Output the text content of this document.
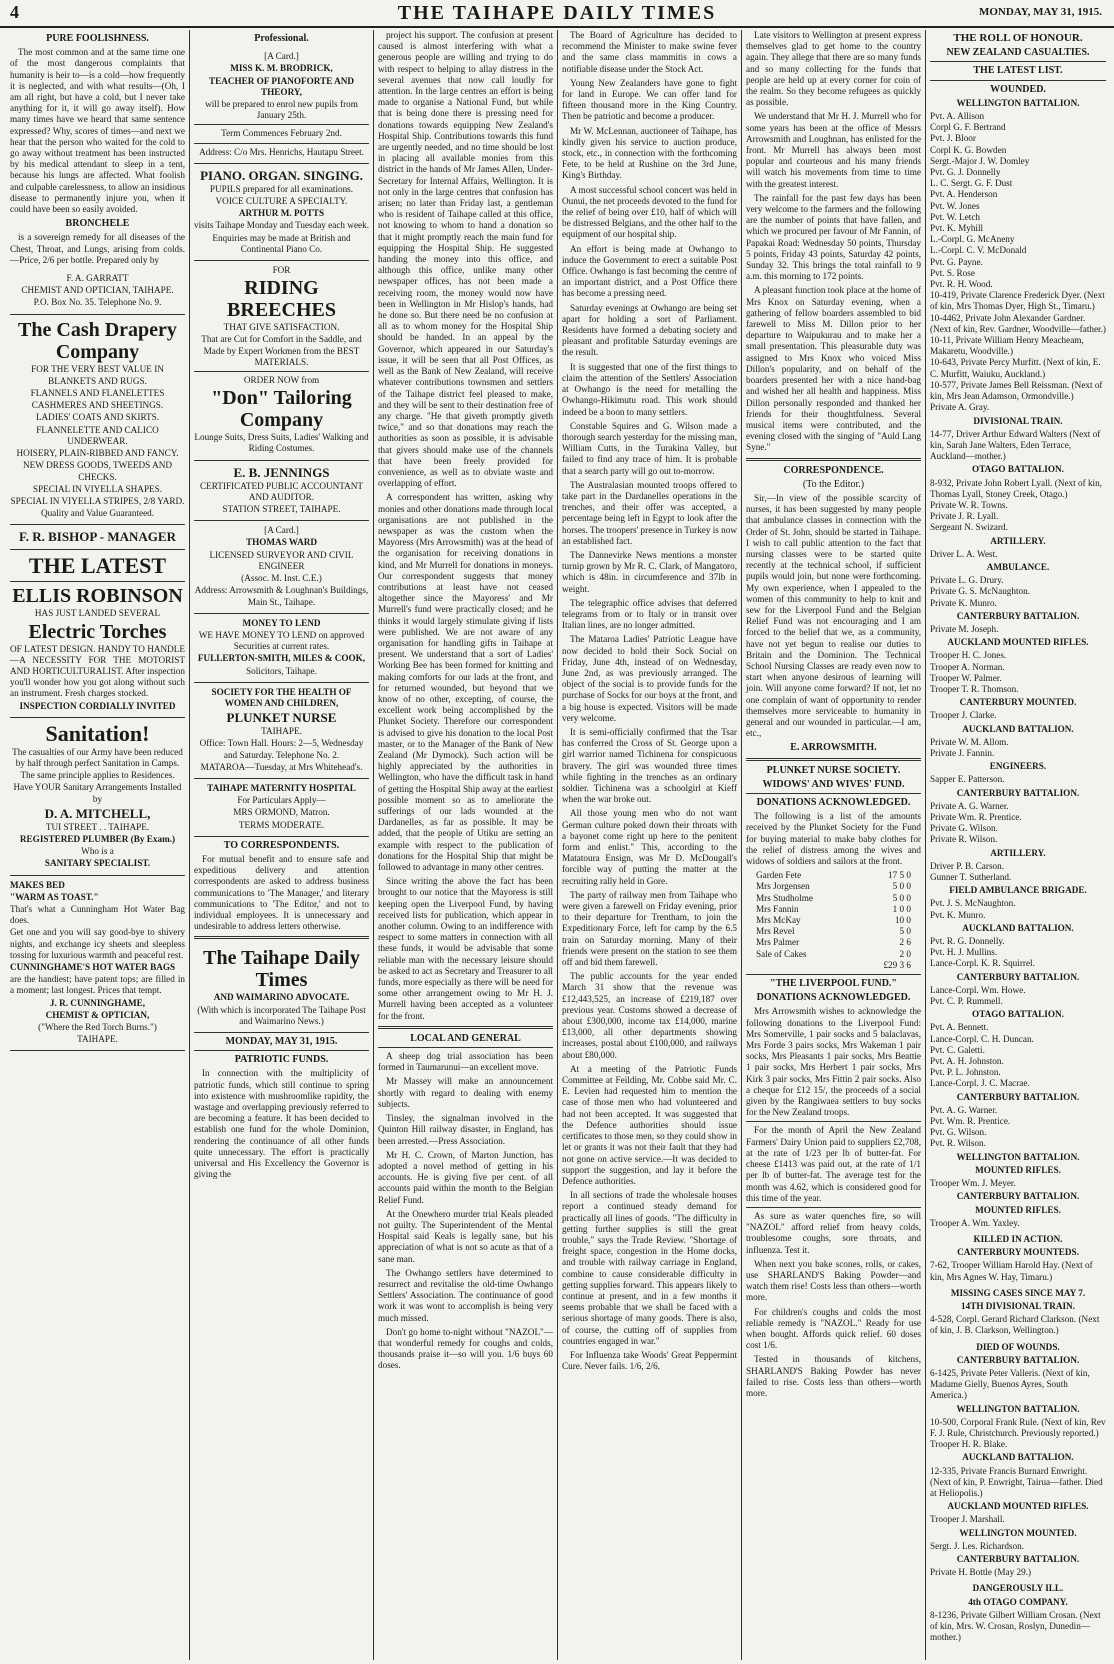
4	THE TAIHAPE DAILY TIMES	MONDAY, MAY 31, 1915.
PURE FOOLISHNESS.

The most common and at the same time one of the most dangerous complaints that humanity is heir to—is a cold—how frequently it is neglected, and with what results—(Oh, I am all right, but have a cold, but I never take anything for it, it will go away itself). How many times have we heard that same sentence expressed? Why, scores of times—and next we hear that the person who waited for the cold to go away without treatment has been instructed by his medical attendant to sleep in a tent, because his lungs are affected. What foolish and culpable carelessness, to allow an insidious disease to permanently injure you, when it could have been so easily avoided.

BRONCHELE

is a sovereign remedy for all diseases of the Chest, Throat, and Lungs, arising from colds.—Price, 2/6 per bottle. Prepared only by

F. A. GARRATT

CHEMIST AND OPTICIAN, TAIHAPE.

P.O. Box No. 35. Telephone No. 9.

The Cash Drapery Company

FOR THE VERY BEST VALUE IN

BLANKETS AND RUGS.

FLANNELS AND FLANELETTES

CASHMERES AND SHEETINGS.

LADIES' COATS AND SKIRTS.

FLANNELETTE AND CALICO UNDERWEAR.

HOISERY, PLAIN-RIBBED AND FANCY.

NEW DRESS GOODS, TWEEDS AND CHECKS.

SPECIAL IN VIYELLA SHAPES.

SPECIAL IN VIYELLA STRIPES, 2/8 YARD.

Quality and Value Guaranteed.

F. R. BISHOP - MANAGER

THE LATEST

ELLIS ROBINSON

HAS JUST LANDED SEVERAL

Electric Torches

OF LATEST DESIGN. HANDY TO HANDLE—A NECESSITY FOR THE MOTORIST AND HORTICULTURALIST. After inspection you'll wonder how you got along without such an instrument. Fresh charges stocked.

INSPECTION CORDIALLY INVITED

Sanitation!

The casualties of our Army have been reduced by half through perfect Sanitation in Camps.

The same principle applies to Residences.

Have YOUR Sanitary Arrangements Installed by

D. A. MITCHELL,

TUI STREET . . TAIHAPE.

REGISTERED PLUMBER (By Exam.)

Who is a

SANITARY SPECIALIST.

MAKES BED

"WARM AS TOAST."

That's what a Cunningham Hot Water Bag does.

Get one and you will say good-bye to shivery nights, and exchange icy sheets and sleepless tossing for luxurious warmth and peaceful rest.

CUNNINGHAME'S HOT WATER BAGS

are the handiest; have patent tops; are filled in a moment; last longest. Prices that tempt.

J. R. CUNNINGHAME,

CHEMIST & OPTICIAN,

("Where the Red Torch Burns.")

TAIHAPE.

Professional.

[A Card.]

MISS K. M. BRODRICK,

TEACHER OF PIANOFORTE AND THEORY,

will be prepared to enrol new pupils from January 25th.

Term Commences February 2nd.

Address: C/o Mrs. Henrichs, Hautapu Street.

PIANO. ORGAN. SINGING.

PUPILS prepared for all examinations.

VOICE CULTURE A SPECIALTY.

ARTHUR M. POTTS

visits Taihape Monday and Tuesday each week.

Enquiries may be made at British and Continental Piano Co.

FOR

RIDING BREECHES

THAT GIVE SATISFACTION.

That are Cut for Comfort in the Saddle, and Made by Expert Workmen from the BEST MATERIALS.

ORDER NOW from

"Don" Tailoring Company

Lounge Suits, Dress Suits, Ladies' Walking and Riding Costumes.

E. B. JENNINGS

CERTIFICATED PUBLIC ACCOUNTANT AND AUDITOR.

STATION STREET, TAIHAPE.

[A Card.]

THOMAS WARD

LICENSED SURVEYOR AND CIVIL ENGINEER

(Assoc. M. Inst. C.E.)

Address: Arrowsmith & Loughnan's Buildings, Main St., Taihape.

MONEY TO LEND

WE HAVE MONEY TO LEND on approved Securities at current rates.

FULLERTON-SMITH, MILES & COOK,

Solicitors, Taihape.

SOCIETY FOR THE HEALTH OF WOMEN AND CHILDREN,

PLUNKET NURSE

TAIHAPE.

Office: Town Hall. Hours: 2—5, Wednesday and Saturday. Telephone No. 2.

MATAROA—Tuesday, at Mrs Whitehead's.

TAIHAPE MATERNITY HOSPITAL

For Particulars Apply—

MRS ORMOND, Matron.

TERMS MODERATE.

TO CORRESPONDENTS.

For mutual benefit and to ensure safe and expeditious delivery and attention correspondents are asked to address business communications to 'The Manager,' and literary communications to 'The Editor,' and not to individual employees. It is unnecessary and undesirable to address letters otherwise.

The Taihape Daily Times

AND WAIMARINO ADVOCATE.

(With which is incorporated The Taihape Post and Waimarino News.)

MONDAY, MAY 31, 1915.
PATRIOTIC FUNDS.

In connection with the multiplicity of patriotic funds, which still continue to spring into existence with mushroomlike rapidity, the wastage and overlapping previously referred to are becoming a feature. It has been decided to establish one fund for the whole Dominion, rendering the continuance of all other funds quite unnecessary. The effort is practically universal and His Excellency the Governor is giving the

project his support. The confusion at present caused is almost interfering with what a generous people are willing and trying to do with respect to helping to allay distress in the several avenues that now call loudly for attention. In the large centres an effort is being made to organise a National Fund, but while that is being done there is pressing need for donations towards equipping New Zealand's Hospital Ship. Contributions towards this fund are urgently needed, and no time should be lost in placing all available monies from this district in the hands of Mr James Allen, Under-Secretary for Internal Affairs, Wellington. It is not only in the large centres that confusion has arisen; no later than Friday last, a gentleman who is resident of Taihape called at this office, not knowing to whom to hand a donation so that it might promptly reach the main fund for equipping the Hospital Ship. He suggested handing the money into this office, and although this office, unlike many other newspaper offices, has not been made a receiving room, the money would now have been in Wellington in Mr Hislop's hands, had he done so. But there need be no confusion at all as to whom money for the Hospital Ship should be handed. In an appeal by the Governor, which appeared in our Saturday's issue, it will be seen that all Post Offices, as well as the Bank of New Zealand, will receive whatever contributions townsmen and settlers of the Taihape district feel pleased to make, and they will be sent to their destination free of any charge. "He that giveth promptly giveth twice," and so that donations may reach the authorities as soon as possible, it is advisable that givers should make use of the channels that have been freely provided for convenience, as well as to obviate waste and overlapping of effort.

A correspondent has written, asking why monies and other donations made through local organisations are not published in the newspaper as was the custom when the Mayoress (Mrs Arrowsmith) was at the head of the organisation for receiving donations in kind, and Mr Murrell for donations in moneys. Our correspondent suggests that money contributions at least have not ceased altogether since the Mayoress' and Mr Murrell's fund were practically closed; and he thinks it would largely stimulate giving if lists were published. We are not aware of any organisation for handling gifts in Taihape at present. We understand that a sort of Ladies' Working Bee has been formed for knitting and making comforts for our lads at the front, and for returned wounded, but beyond that we know of no other, excepting, of course, the excellent work being accomplished by the Plunket Society. Therefore our correspondent is advised to give his donation to the local Post master, or to the Manager of the Bank of New Zealand (Mr Dymock). Such action will be highly appreciated by the authorities in Wellington, who have the difficult task in hand of getting the Hospital Ship away at the earliest possible moment so as to ameliorate the sufferings of our lads wounded at the Dardanelles, as far as possible. It may be added, that the people of Utiku are setting an example with respect to the publication of donations for the Hospital Ship that might be followed to advantage in many other centres.

Since writing the above the fact has been brought to our notice that the Mayoress is still keeping open the Liverpool Fund, by having received lists for publication, which appear in another column. Owing to an indifference with respect to some matters in connection with all these funds, it would be advisable that some reliable man with the necessary leisure should be asked to act as Secretary and Treasurer to all funds, more especially as there will be need for some other arrangement owing to Mr H. J. Murrell having been accepted as a volunteer for the front.

LOCAL AND GENERAL

A sheep dog trial association has been formed in Taumarunui—an excellent move.

Mr Massey will make an announcement shortly with regard to dealing with enemy subjects.

Tinsley, the signalman involved in the Quinton Hill railway disaster, in England, has been arrested.—Press Association.

Mr H. C. Crown, of Marton Junction, has adopted a novel method of getting in his accounts. He is giving five per cent. of all accounts paid within the month to the Belgian Relief Fund.

At the Onewhero murder trial Keals pleaded not guilty. The Superintendent of the Mental Hospital said Keals is legally sane, but his appreciation of what is not so acute as that of a sane man.

The Owhango settlers have determined to resurrect and revitalise the old-time Owhango Settlers' Association. The continuance of good work it was wont to accomplish is being very much missed.

Don't go home to-night without "NAZOL"—that wonderful remedy for coughs and colds, thousands praise it—so will you. 1/6 buys 60 doses.

The Board of Agriculture has decided to recommend the Minister to make swine fever and the same class mammitis in cows a notifiable disease under the Stock Act.

Young New Zealanders have gone to fight for land in Europe. We can offer land for fifteen thousand more in the King Country. Then be patriotic and become a producer.

Mr W. McLennan, auctioneer of Taihape, has kindly given his service to auction produce, stock, etc., in connection with the forthcoming Fete, to be held at Rushine on the 3rd June, King's Birthday.

A most successful school concert was held in Ounui, the net proceeds devoted to the fund for the relief of being over £10, half of which will be distressed Belgians, and the other half to the equipment of our hospital ship.

An effort is being made at Owhango to induce the Government to erect a suitable Post Office. Owhango is fast becoming the centre of an important district, and a Post Office there has become a pressing need.

Saturday evenings at Owhango are being set apart for holding a sort of Parliament. Residents have formed a debating society and pleasant and profitable Saturday evenings are the result.

It is suggested that one of the first things to claim the attention of the Settlers' Association at Owhango is the need for metalling the Owhango-Hikimutu road. This work should indeed be a boon to many settlers.

Constable Squires and G. Wilson made a thorough search yesterday for the missing man, William Cutts, in the Turakina Valley, but failed to find any trace of him. It is probable that a search party will go out to-morrow.

The Australasian mounted troops offered to take part in the Dardanelles operations in the trenches, and their offer was accepted, a percentage being left in Egypt to look after the horses. The troopers' presence in Turkey is now an established fact.

The Dannevirke News mentions a monster turnip grown by Mr R. C. Clark, of Mangatoro, which is 48in. in circumference and 37lb in weight.

The telegraphic office advises that deferred telegrams from or to Italy or in transit over Italian lines, are no longer admitted.

The Mataroa Ladies' Patriotic League have now decided to hold their Sock Social on Friday, June 4th, instead of on Wednesday, June 2nd, as was previously arranged. The object of the social is to provide funds for the purchase of Socks for our boys at the front, and a big house is expected. Visitors will be made very welcome.

It is semi-officially confirmed that the Tsar has conferred the Cross of St. George upon a girl warrior named Tichinena for conspicuous bravery. The girl was wounded three times while fighting in the trenches as an ordinary soldier. Tichinena was a schoolgirl at Kieff when the war broke out.

All those young men who do not want German culture poked down their throats with a bayonet come right up here to the penitent form and enlist." This, according to the Matatoura Ensign, was Mr D. McDougall's forcible way of putting the matter at the recruiting rally held in Gore.

The party of railway men from Taihape who were given a farewell on Friday evening, prior to their departure for Trentham, to join the Expeditionary Force, left for camp by the 6.5 train on Saturday morning. Many of their friends were present on the station to see them off and bid them farewell.

The public accounts for the year ended March 31 show that the revenue was £12,443,525, an increase of £219,187 over previous year. Customs showed a decrease of about £300,000, income tax £14,000, marine £13,000, all other departments showing increases, postal about £100,000, and railways about £80,000.

At a meeting of the Patriotic Funds Committee at Feilding, Mr. Cobbe said Mr. C. E. Levien had requested him to mention the case of those men who had volunteered and had not been accepted. It was suggested that the Defence authorities should issue certificates to those men, so they could show in let or grants it was not their fault that they had not gone on active service.—It was decided to support the suggestion, and lay it before the Defence authorities.

In all sections of trade the wholesale houses report a continued steady demand for practically all lines of goods. "The difficulty in getting further supplies is still the great trouble," says the Trade Review. "Shortage of freight space, congestion in the Home docks, and trouble with railway carriage in England, combine to cause considerable difficulty in getting supplies forward. This appears likely to continue at present, and in a few months it seems probable that we shall be faced with a serious shortage of many goods. There is also, of course, the cutting off of supplies from countries engaged in war."

For Influenza take Woods' Great Peppermint Cure. Never fails. 1/6, 2/6.

Late visitors to Wellington at present express themselves glad to get home to the country again. They allege that there are so many funds and so many collecting for the funds that people are held up at every corner for coin of the realm. So they become refugees as quickly as possible.

We understand that Mr H. J. Murrell who for some years has been at the office of Messrs Arrowsmith and Loughnan, has enlisted for the front. Mr Murrell has always been most popular and courteous and his many friends will watch his movements from time to time with the greatest interest.

The rainfall for the past few days has been very welcome to the farmers and the following are the number of points that have fallen, and which we procured per favour of Mr Fannin, of Papakai Road: Wednesday 50 points, Thursday 5 points, Friday 43 points, Saturday 42 points, Sunday 32. This brings the total rainfall to 9 a.m. this morning to 172 points.

A pleasant function took place at the home of Mrs Knox on Saturday evening, when a gathering of fellow boarders assembled to bid farewell to Miss M. Dillon prior to her departure to Waipukurau and to make her a small presentation. This pleasurable duty was assigned to Mrs Knox who voiced Miss Dillon's popularity, and on behalf of the boarders presented her with a nice hand-bag and wished her all health and happiness. Miss Dillon personally responded and thanked her friends for their thoughtfulness. Several musical items were contributed, and the evening closed with the singing of "Auld Lang Syne."

CORRESPONDENCE.
(To the Editor.)

Sir,—In view of the possible scarcity of nurses, it has been suggested by many people that ambulance classes in connection with the Order of St. John, should be started in Taihape. I wish to call public attention to the fact that nursing classes were to be started quite recently at the technical school, if sufficient pupils would join, but none were forthcoming. My own experience, when I appealed to the women of this community to help to knit and sew for the Liverpool Fund and the Belgian Relief Fund was not encouraging and I am forced to the belief that we, as a community, have not yet begun to realise our duties to Britain and the Dominion. The Technical School Nursing Classes are ready even now to start when anyone desirous of learning will join. Will anyone come forward? If not, let no one complain of want of opportunity to render themselves more serviceable to humanity in general and our wounded in particular.—I am, etc.,

E. ARROWSMITH.
PLUNKET NURSE SOCIETY.
WIDOWS' AND WIVES' FUND.
DONATIONS ACKNOWLEDGED.

The following is a list of the amounts received by the Plunket Society for the Fund for buying material to make baby clothes for the relief of distress among the wives and widows of soldiers and sailors at the front.

Garden Fete	17 5 0
Mrs Jorgensen	5 0 0
Mrs Studholme	5 0 0
Mrs Fannin	1 0 0
Mrs McKay	10 0
Mrs Revel	5 0
Mrs Palmer	2 6
Sale of Cakes	2 0
£29 3 6
"THE LIVERPOOL FUND."
DONATIONS ACKNOWLEDGED.

Mrs Arrowsmith wishes to acknowledge the following donations to the Liverpool Fund: Mrs Somerville, 1 pair socks and 5 balaclavas, Mrs Forde 3 pairs socks, Mrs Wakeman 1 pair socks, Mrs Pleasants 1 pair socks, Mrs Beattie 1 pair socks, Mrs Herbert 1 pair socks, Mrs Kirk 3 pair socks, Mrs Fittin 2 pair socks. Also a cheque for £12 15/, the proceeds of a social given by the Rangiwaea settlers to buy socks for the New Zealand troops.

For the month of April the New Zealand Farmers' Dairy Union paid to suppliers £2,708, at the rate of 1/23 per lb of butter-fat. For cheese £1413 was paid out, at the rate of 1/1 per lb of butter-fat. The average test for the month was 4.62, which is considered good for this time of the year.

As sure as water quenches fire, so will "NAZOL" afford relief from heavy colds, troublesome coughs, sore throats, and influenza. Test it.

When next you bake scones, rolls, or cakes, use SHARLAND'S Baking Powder—and watch them rise! Costs less than others—worth more.

For children's coughs and colds the most reliable remedy is "NAZOL." Ready for use when bought. Affords quick relief. 60 doses cost 1/6.

Tested in thousands of kitchens, SHARLAND'S Baking Powder has never failed to rise. Costs less than others—worth more.

THE ROLL OF HONOUR.
NEW ZEALAND CASUALTIES.
THE LATEST LIST.
WOUNDED.

WELLINGTON BATTALION.

Pvt. A. Allison

Corpl G. F. Bertrand

Pvt. J. Bloor

Corpl K. G. Bowden

Sergt.-Major J. W. Domley

Pvt. G. J. Donnelly

L. C. Sergt. G. F. Dust

Pvt. A. Henderson

Pvt. W. Jones

Pvt. W. Letch

Pvt. K. Myhill

L.-Corpl. G. McAneny

L.-Corpl. C. V. McDonald

Pvt. G. Payne.

Pvt. S. Rose

Pvt. R. H. Wood.

10-419, Private Clarence Frederick Dyer. (Next of kin, Mrs Thomas Dyer, High St., Timaru.)

10-4462, Private John Alexander Gardner. (Next of kin, Rev. Gardner, Woodville—father.)

10-11, Private William Henry Meacheam, Makaretu, Woodville.)

10-643, Private Percy Murfitt. (Next of kin, E. C. Murfitt, Waiuku, Auckland.)

10-577, Private James Bell Reissman. (Next of kin, Mrs Jean Adamson, Ormondville.)

Private A. Gray.

DIVISIONAL TRAIN.

14-77, Driver Arthur Edward Walters (Next of kin, Sarah Jane Walters, Eden Terrace, Auckland—mother.)

OTAGO BATTALION.

8-932, Private John Robert Lyall. (Next of kin, Thomas Lyall, Stoney Creek, Otago.)

Private W. R. Towns.

Private J. R. Lyall.

Sergeant N. Swizard.

ARTILLERY.

Driver L. A. West.

AMBULANCE.

Private L. G. Drury.

Private G. S. McNaughton.

Private K. Munro.

CANTERBURY BATTALION.

Private M. Joseph.

AUCKLAND MOUNTED RIFLES.

Trooper H. C. Jones.

Trooper A. Norman.

Trooper W. Palmer.

Trooper T. R. Thomson.

CANTERBURY MOUNTED.

Trooper J. Clarke.

AUCKLAND BATTALION.

Private W. M. Allom.

Private J. Fannin.

ENGINEERS.

Sapper E. Patterson.

CANTERBURY BATTALION.

Private A. G. Warner.

Private Wm. R. Prentice.

Private G. Wilson.

Private R. Wilson.

ARTILLERY.

Driver P. B. Carson.

Gunner T. Sutherland.

FIELD AMBULANCE BRIGADE.

Pvt. J. S. McNaughton.

Pvt. K. Munro.

AUCKLAND BATTALION.

Pvt. R. G. Donnelly.

Pvt. H. J. Mullins.

Lance-Corpl. K. R. Squirrel.

CANTERBURY BATTALION.

Lance-Corpl. Wm. Howe.

Pvt. C. P. Rummell.

OTAGO BATTALION.

Pvt. A. Bennett.

Lance-Corpl. C. H. Duncan.

Pvt. C. Galetti.

Pvt. A. H. Johnston.

Pvt. P. L. Johnston.

Lance-Corpl. J. C. Macrae.

CANTERBURY BATTALION.

Pvt. A. G. Warner.

Pvt. Wm. R. Prentice.

Pvt. G. Wilson.

Pvt. R. Wilson.

WELLINGTON BATTALION.

MOUNTED RIFLES.

Trooper Wm. J. Meyer.

CANTERBURY BATTALION.

MOUNTED RIFLES.

Trooper A. Wm. Yaxley.

KILLED IN ACTION.

CANTERBURY MOUNTEDS.

7-62, Trooper William Harold Hay. (Next of kin, Mrs Agnes W. Hay, Timaru.)

MISSING CASES SINCE MAY 7.

14TH DIVISIONAL TRAIN.

4-528, Corpl. Gerard Richard Clarkson. (Next of kin, J. B. Clarkson, Wellington.)

DIED OF WOUNDS.

CANTERBURY BATTALION.

6-1425, Private Peter Valleris. (Next of kin, Madame Gielly, Buenos Ayres, South America.)

WELLINGTON BATTALION.

10-500, Corporal Frank Rule. (Next of kin, Rev F. J. Rule, Christchurch. Previously reported.)

Trooper H. R. Blake.

AUCKLAND BATTALION.

12-335, Private Francis Burnard Enwright. (Next of kin, P. Enwright, Tairua—father. Died at Heliopolis.)

AUCKLAND MOUNTED RIFLES.

Trooper J. Marshall.

WELLINGTON MOUNTED.

Sergt. J. Les. Richardson.

CANTERBURY BATTALION.

Private H. Bottle (May 29.)

DANGEROUSLY ILL.

4th OTAGO COMPANY.

8-1236, Private Gilbert William Crosan. (Next of kin, Mrs. W. Crosan, Roslyn, Dunedin—mother.)
